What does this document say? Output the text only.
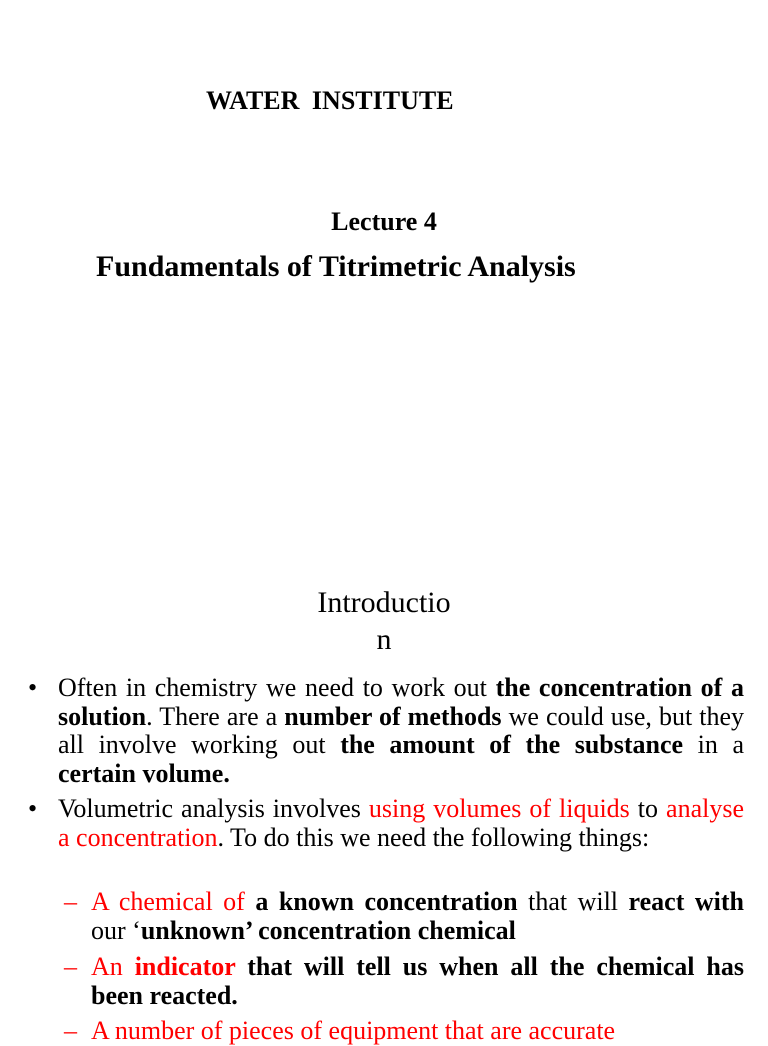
WATER INSTITUTE
Lecture 4
Fundamentals of Titrimetric Analysis
Introductio
n
• Often in chemistry we need to work out the concentration of a solution. There are a number of methods we could use, but they all involve working out the amount of the substance in a certain volume.
• Volumetric analysis involves using volumes of liquids to analyse a concentration. To do this we need the following things:
– A chemical of a known concentration that will react with our ‘unknown’ concentration chemical
– An indicator that will tell us when all the chemical has been reacted.
– A number of pieces of equipment that are accurate
